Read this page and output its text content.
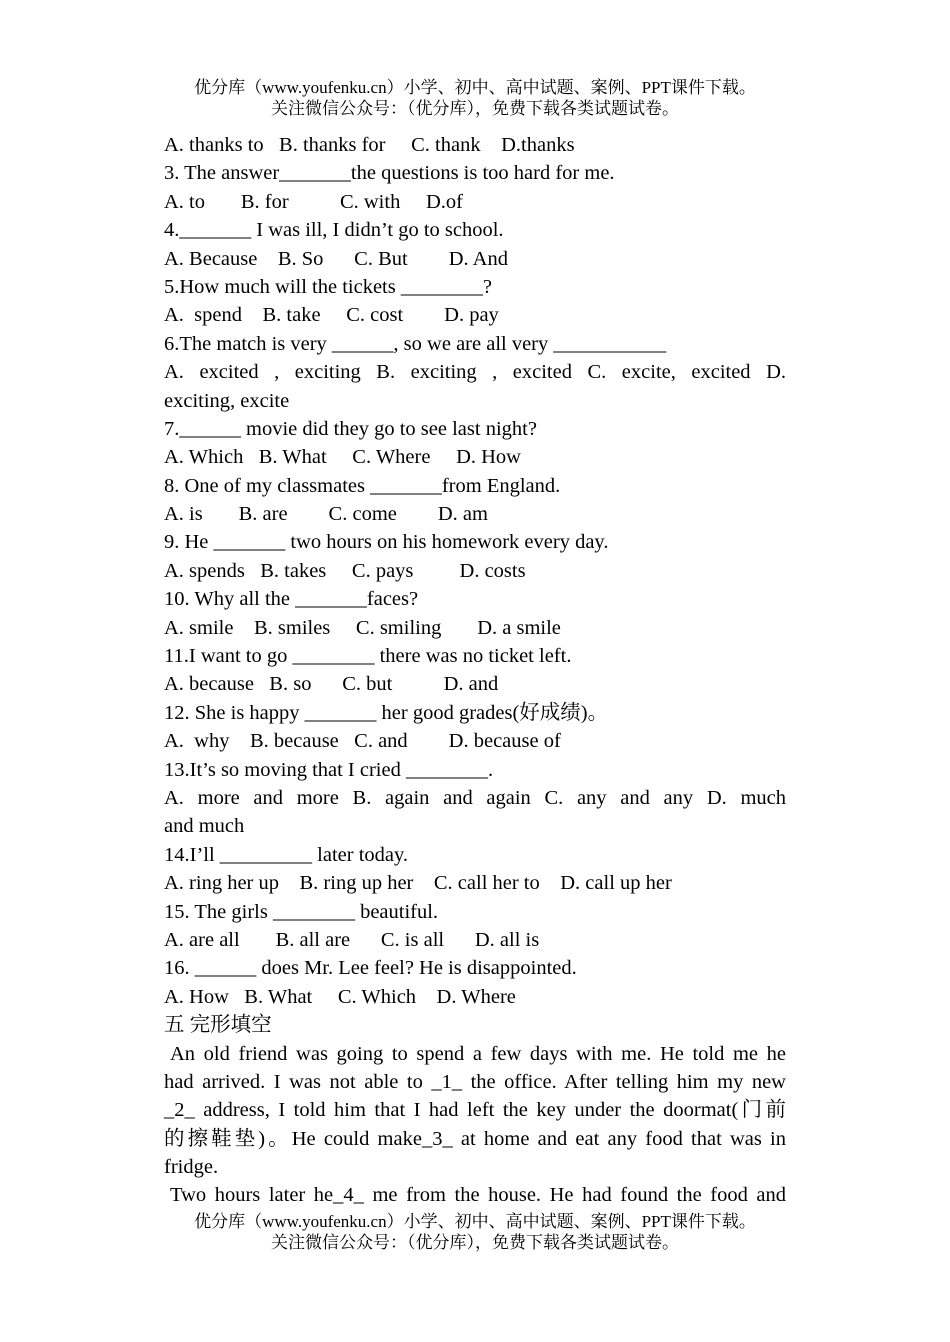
优分库（www.youfenku.cn）小学、初中、高中试题、案例、PPT课件下载。
关注微信公众号：（优分库），免费下载各类试题试卷。
A. thanks to   B. thanks for     C. thank    D.thanks
3. The answer_______the questions is too hard for me.
A. to       B. for          C. with     D.of
4._______ I was ill, I didn’t go to school.
A. Because    B. So      C. But        D. And
5.How much will the tickets ________?
A.  spend    B. take     C. cost        D. pay
6.The match is very ______, so we are all very ___________
A. excited , exciting B. exciting , excited C. excite, excited D.
exciting, excite
7.______ movie did they go to see last night?
A. Which   B. What     C. Where     D. How
8. One of my classmates _______from England.
A. is       B. are        C. come        D. am
9. He _______ two hours on his homework every day.
A. spends   B. takes     C. pays         D. costs
10. Why all the _______faces?
A. smile    B. smiles     C. smiling       D. a smile
11.I want to go ________ there was no ticket left.
A. because   B. so      C. but          D. and
12. She is happy _______ her good grades(好成绩)。
A.  why    B. because   C. and        D. because of
13.It’s so moving that I cried ________.
A. more and more B. again and again C. any and any D. much
and much
14.I’ll _________ later today.
A. ring her up    B. ring up her    C. call her to    D. call up her
15. The girls ________ beautiful.
A. are all       B. all are      C. is all      D. all is
16. ______ does Mr. Lee feel? He is disappointed.
A. How   B. What     C. Which    D. Where
五 完形填空
An old friend was going to spend a few days with me. He told me he
had arrived. I was not able to _1_ the office. After telling him my new
_2_ address, I told him that I had left the key under the doormat(门前
的擦鞋垫)。He could make_3_ at home and eat any food that was in
fridge.
Two hours later he_4_ me from the house. He had found the food and
优分库（www.youfenku.cn）小学、初中、高中试题、案例、PPT课件下载。
关注微信公众号：（优分库），免费下载各类试题试卷。
